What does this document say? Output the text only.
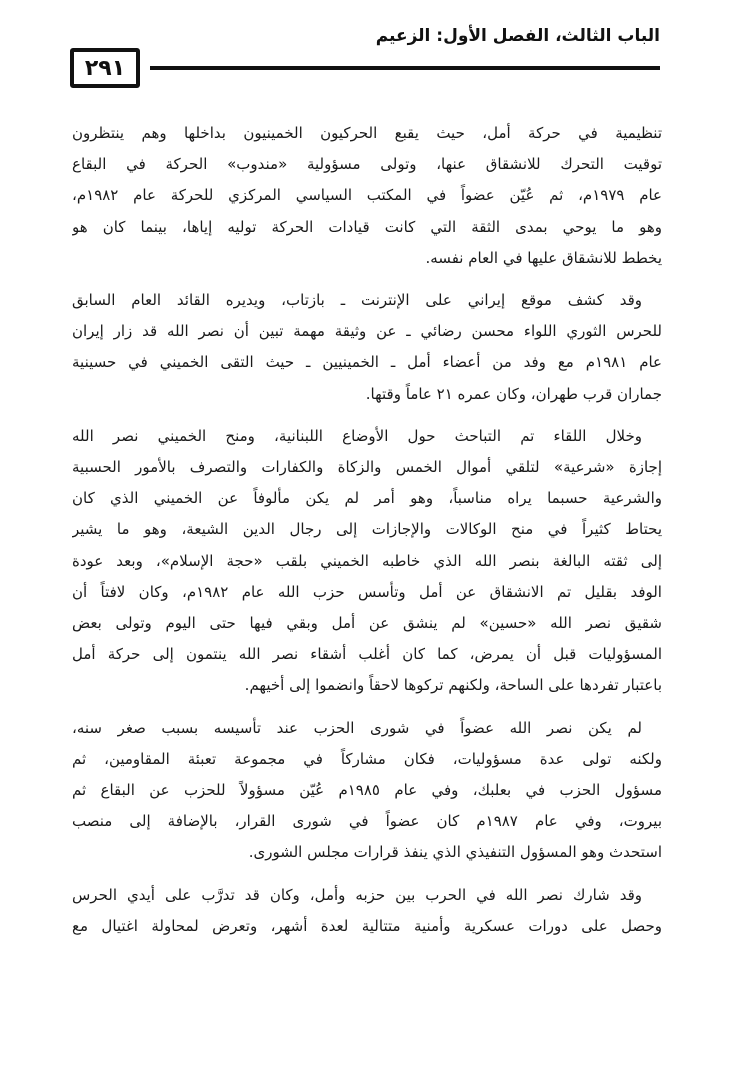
الباب الثالث، الفصل الأول: الزعيم
٢٩١
تنظيمية في حركة أمل، حيث يقبع الحركيون الخمينيون بداخلها وهم ينتظرون
توقيت التحرك للانشقاق عنها، وتولى مسؤولية «مندوب» الحركة في البقاع
عام ١٩٧٩م، ثم عُيّن عضواً في المكتب السياسي المركزي للحركة عام ١٩٨٢م،
وهو ما يوحي بمدى الثقة التي كانت قيادات الحركة توليه إياها، بينما كان هو
يخطط للانشقاق عليها في العام نفسه.
وقد كشف موقع إيراني على الإنترنت ـ بازتاب، ويديره القائد العام السابق
للحرس الثوري اللواء محسن رضائي ـ عن وثيقة مهمة تبين أن نصر الله قد زار إيران
عام ١٩٨١م مع وفد من أعضاء أمل ـ الخمينيين ـ حيث التقى الخميني في حسينية
جماران قرب طهران، وكان عمره ٢١ عاماً وقتها.
وخلال اللقاء تم التباحث حول الأوضاع اللبنانية، ومنح الخميني نصر الله
إجازة «شرعية» لتلقي أموال الخمس والزكاة والكفارات والتصرف بالأمور الحسبية
والشرعية حسبما يراه مناسباً، وهو أمر لم يكن مألوفاً عن الخميني الذي كان
يحتاط كثيراً في منح الوكالات والإجازات إلى رجال الدين الشيعة، وهو ما يشير
إلى ثقته البالغة بنصر الله الذي خاطبه الخميني بلقب «حجة الإسلام»، وبعد عودة
الوفد بقليل تم الانشقاق عن أمل وتأسس حزب الله عام ١٩٨٢م، وكان لافتاً أن
شقيق نصر الله «حسين» لم ينشق عن أمل وبقي فيها حتى اليوم وتولى بعض
المسؤوليات قبل أن يمرض، كما كان أغلب أشقاء نصر الله ينتمون إلى حركة أمل
باعتبار تفردها على الساحة، ولكنهم تركوها لاحقاً وانضموا إلى أخيهم.
لم يكن نصر الله عضواً في شورى الحزب عند تأسيسه بسبب صغر سنه،
ولكنه تولى عدة مسؤوليات، فكان مشاركاً في مجموعة تعبئة المقاومين، ثم
مسؤول الحزب في بعلبك، وفي عام ١٩٨٥م عُيّن مسؤولاً للحزب عن البقاع ثم
بيروت، وفي عام ١٩٨٧م كان عضواً في شورى القرار، بالإضافة إلى منصب
استحدث وهو المسؤول التنفيذي الذي ينفذ قرارات مجلس الشورى.
وقد شارك نصر الله في الحرب بين حزبه وأمل، وكان قد تدرَّب على أيدي الحرس
وحصل على دورات عسكرية وأمنية متتالية لعدة أشهر، وتعرض لمحاولة اغتيال مع
